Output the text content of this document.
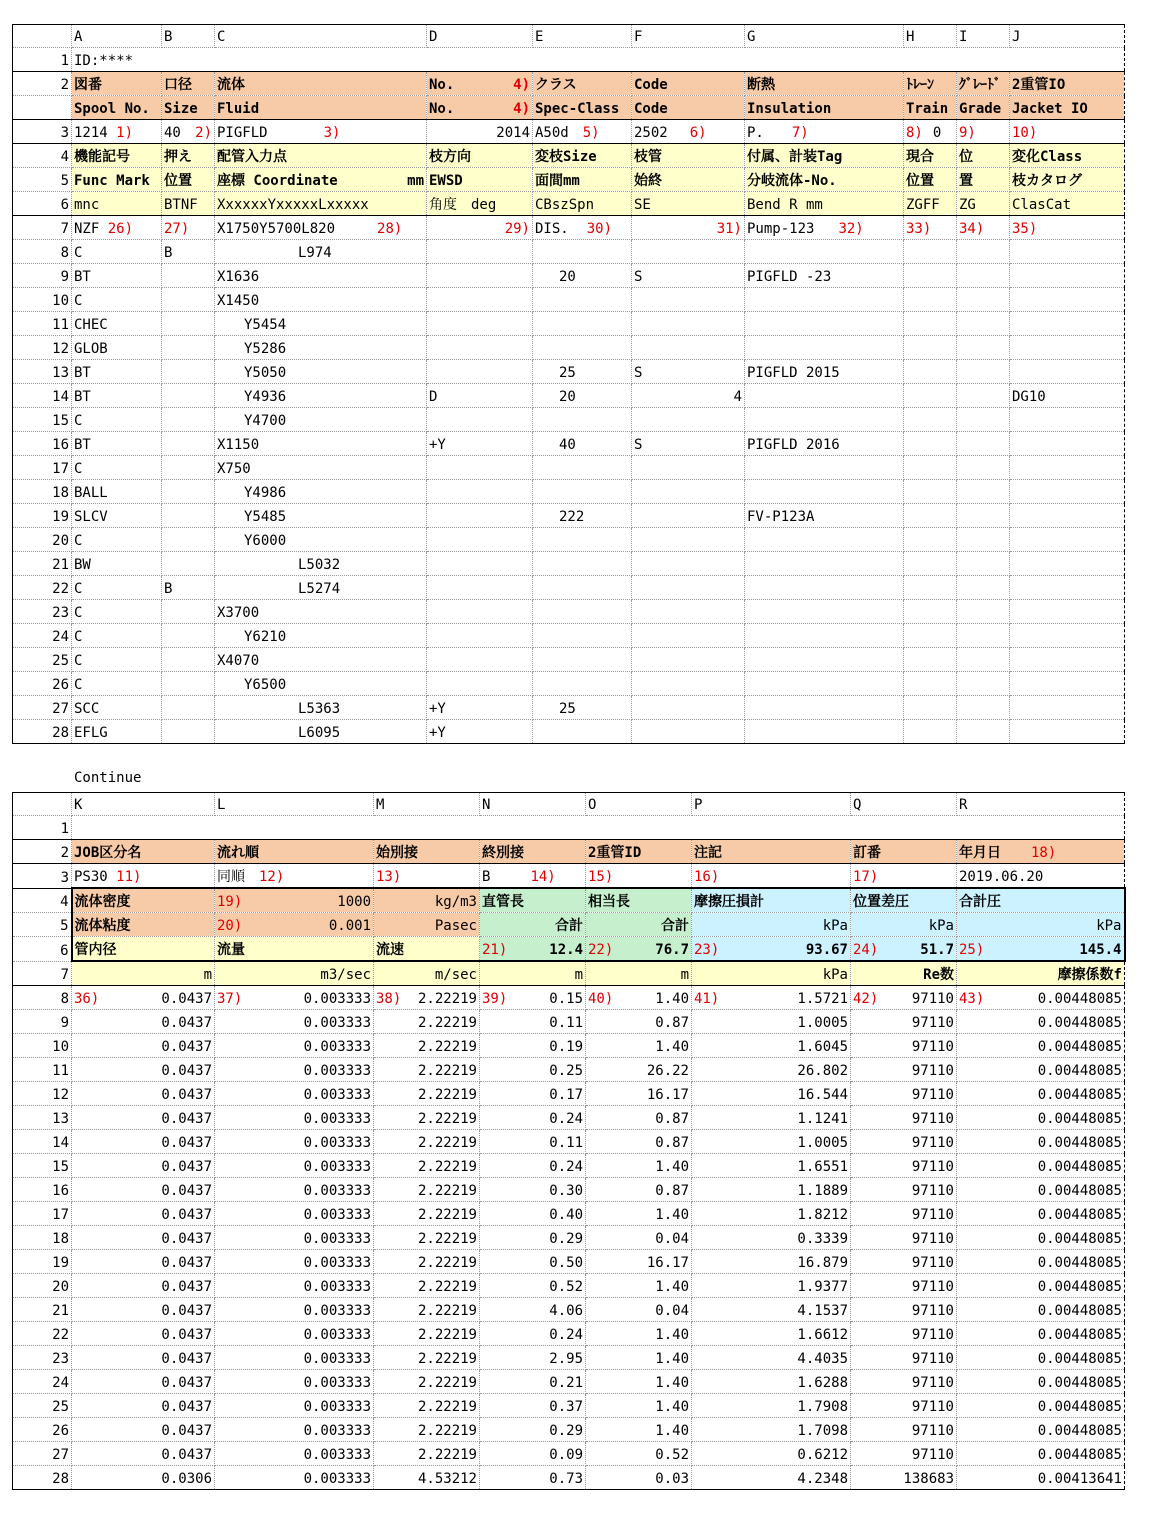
	A	B	C	D	E	F	G	H	I	J
1	ID:****									
2	図番	口径	流体	No. 4)	クラス	Code	断熱	ﾄﾚｰﾝ	ｸﾞﾚｰﾄﾞ	2重管IO
	Spool No.	Size	Fluid	No. 4)	Spec-Class	Code	Insulation	Train	Grade	Jacket IO
3	1214 1)	40 2)	PIGFLD 3)	2014	A50d 5)	2502 6)	P. 7)	8) 0	9)	10)
4	機能記号	押え	配管入力点	枝方向	変枝Size	枝管	付属、計装Tag	現合	位	変化Class
5	Func Mark	位置	座標 Coordinate mm	EWSD	面間mm	始終	分岐流体-No.	位置	置	枝カタログ
6	mnc	BTNF	XxxxxxYxxxxxLxxxxx	角度 deg	CBszSpn	SE	Bend R mm	ZGFF	ZG	ClasCat
7	NZF 26)	27)	X1750Y5700L820 28)	29)	DIS. 30)	31)	Pump-123 32)	33)	34)	35)
8	C	B	L974							
9	BT		X1636		20	S	PIGFLD -23			
10	C		X1450							
11	CHEC		Y5454							
12	GLOB		Y5286							
13	BT		Y5050		25	S	PIGFLD 2015			
14	BT		Y4936	D	20	4				DG10
15	C		Y4700							
16	BT		X1150	+Y	40	S	PIGFLD 2016			
17	C		X750							
18	BALL		Y4986							
19	SLCV		Y5485		222		FV-P123A			
20	C		Y6000							
21	BW		L5032							
22	C	B	L5274							
23	C		X3700							
24	C		Y6210							
25	C		X4070							
26	C		Y6500							
27	SCC		L5363	+Y	25					
28	EFLG		L6095	+Y						
Continue
	K	L	M	N	O	P	Q	R
1								
2	JOB区分名	流れ順	始別接	終別接	2重管ID	注記	訂番	年月日 18)
3	PS30 11)	同順 12)	13)	B 14)	15)	16)	17)	2019.06.20
4	流体密度	19) 1000	kg/m3	直管長	相当長	摩擦圧損計	位置差圧	合計圧
5	流体粘度	20) 0.001	Pasec	合計	合計	kPa	kPa	kPa
6	管内径	流量	流速	21) 12.4	22) 76.7	23) 93.67	24) 51.7	25) 145.4

7	m	m3/sec	m/sec	m	m	kPa	Re数	摩擦係数f
8	36) 0.0437	37) 0.003333	38) 2.22219	39) 0.15	40) 1.40	41) 1.5721	42) 97110	43) 0.00448085

9	0.0437	0.003333	2.22219	0.11	0.87	1.0005	97110	0.00448085

10	0.0437	0.003333	2.22219	0.19	1.40	1.6045	97110	0.00448085

11	0.0437	0.003333	2.22219	0.25	26.22	26.802	97110	0.00448085

12	0.0437	0.003333	2.22219	0.17	16.17	16.544	97110	0.00448085

13	0.0437	0.003333	2.22219	0.24	0.87	1.1241	97110	0.00448085

14	0.0437	0.003333	2.22219	0.11	0.87	1.0005	97110	0.00448085

15	0.0437	0.003333	2.22219	0.24	1.40	1.6551	97110	0.00448085

16	0.0437	0.003333	2.22219	0.30	0.87	1.1889	97110	0.00448085

17	0.0437	0.003333	2.22219	0.40	1.40	1.8212	97110	0.00448085

18	0.0437	0.003333	2.22219	0.29	0.04	0.3339	97110	0.00448085

19	0.0437	0.003333	2.22219	0.50	16.17	16.879	97110	0.00448085

20	0.0437	0.003333	2.22219	0.52	1.40	1.9377	97110	0.00448085

21	0.0437	0.003333	2.22219	4.06	0.04	4.1537	97110	0.00448085

22	0.0437	0.003333	2.22219	0.24	1.40	1.6612	97110	0.00448085

23	0.0437	0.003333	2.22219	2.95	1.40	4.4035	97110	0.00448085

24	0.0437	0.003333	2.22219	0.21	1.40	1.6288	97110	0.00448085

25	0.0437	0.003333	2.22219	0.37	1.40	1.7908	97110	0.00448085

26	0.0437	0.003333	2.22219	0.29	1.40	1.7098	97110	0.00448085

27	0.0437	0.003333	2.22219	0.09	0.52	0.6212	97110	0.00448085

28	0.0306	0.003333	4.53212	0.73	0.03	4.2348	138683	0.00413641
